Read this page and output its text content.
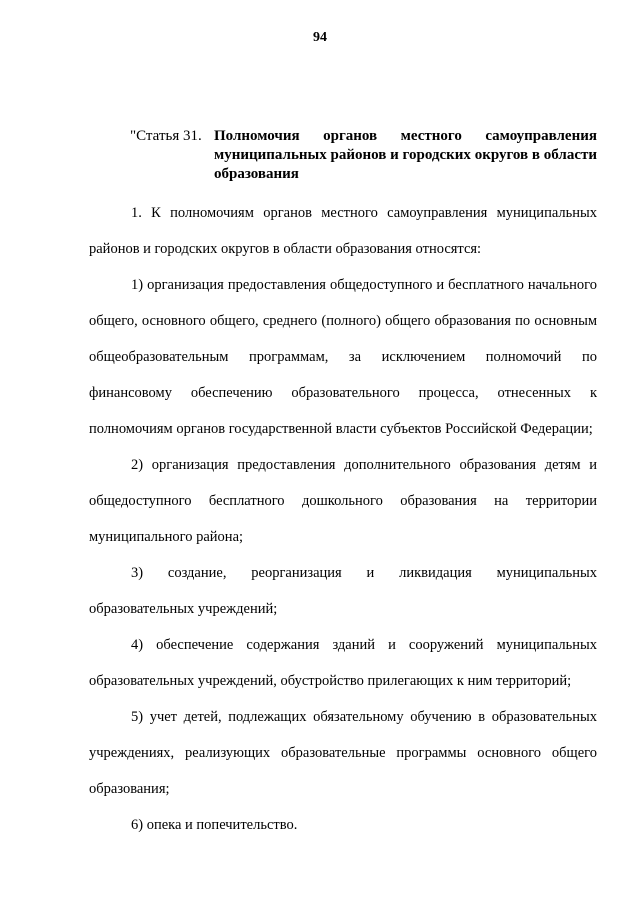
94
"Статья 31. Полномочия органов местного самоуправления муниципальных районов и городских округов в области образования

1. К полномочиям органов местного самоуправления муниципальных районов и городских округов в области образования относятся:

1) организация предоставления общедоступного и бесплатного начального общего, основного общего, среднего (полного) общего образования по основным общеобразовательным программам, за исключением полномочий по финансовому обеспечению образовательного процесса, отнесенных к полномочиям органов государственной власти субъектов Российской Федерации;

2) организация предоставления дополнительного образования детям и общедоступного бесплатного дошкольного образования на территории муниципального района;

3) создание, реорганизация и ликвидация муниципальных образовательных учреждений;

4) обеспечение содержания зданий и сооружений муниципальных образовательных учреждений, обустройство прилегающих к ним территорий;

5) учет детей, подлежащих обязательному обучению в образовательных учреждениях, реализующих образовательные программы основного общего образования;

6) опека и попечительство.
